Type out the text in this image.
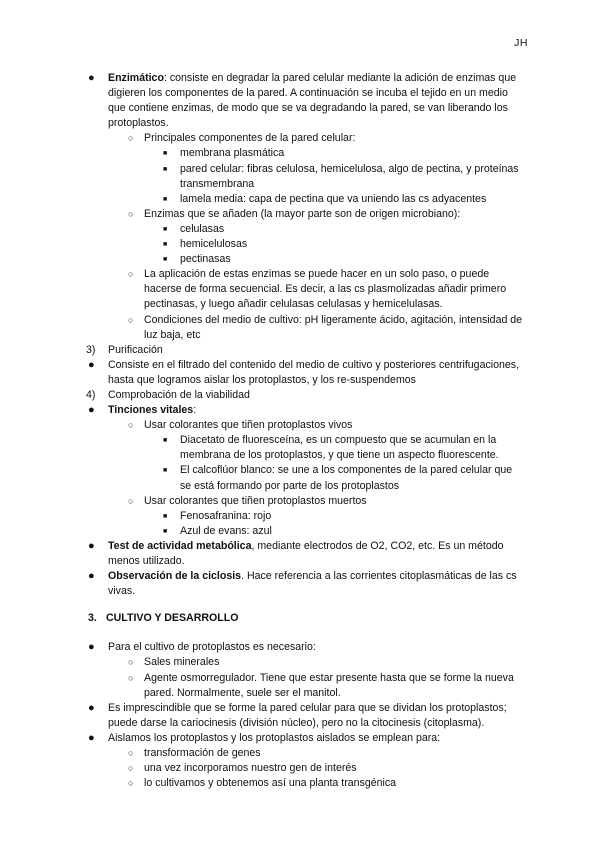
JH
● Enzimático: consiste en degradar la pared celular mediante la adición de enzimas que digieren los componentes de la pared. A continuación se incuba el tejido en un medio que contiene enzimas, de modo que se va degradando la pared, se van liberando los protoplastos.
○ Principales componentes de la pared celular:
■ membrana plasmática
■ pared celular: fibras celulosa, hemicelulosa, algo de pectina, y proteínas transmembrana
■ lamela media: capa de pectina que va uniendo las cs adyacentes
○ Enzimas que se añaden (la mayor parte son de origen microbiano):
■ celulasas
■ hemicelulosas
■ pectinasas
○ La aplicación de estas enzimas se puede hacer en un solo paso, o puede hacerse de forma secuencial. Es decir, a las cs plasmolizadas añadir primero pectinasas, y luego añadir celulasas celulasas y hemicelulasas.
○ Condiciones del medio de cultivo: pH ligeramente ácido, agitación, intensidad de luz baja, etc
3) Purificación
● Consiste en el filtrado del contenido del medio de cultivo y posteriores centrifugaciones, hasta que logramos aislar los protoplastos, y los re-suspendemos
4) Comprobación de la viabilidad
● Tinciones vitales:
○ Usar colorantes que tiñen protoplastos vivos
■ Diacetato de fluoresceína, es un compuesto que se acumulan en la membrana de los protoplastos, y que tiene un aspecto fluorescente.
■ El calcoflúor blanco: se une a los componentes de la pared celular que se está formando por parte de los protoplastos
○ Usar colorantes que tiñen protoplastos muertos
■ Fenosafranina: rojo
■ Azul de evans: azul
● Test de actividad metabólica, mediante electrodos de O2, CO2, etc. Es un método menos utilizado.
● Observación de la ciclosis. Hace referencia a las corrientes citoplasmáticas de las cs vivas.
3. CULTIVO Y DESARROLLO
● Para el cultivo de protoplastos es necesario:
○ Sales minerales
○ Agente osmorregulador. Tiene que estar presente hasta que se forme la nueva pared. Normalmente, suele ser el manitol.
● Es imprescindible que se forme la pared celular para que se dividan los protoplastos; puede darse la cariocinesis (división núcleo), pero no la citocinesis (citoplasma).
● Aislamos los protoplastos y los protoplastos aislados se emplean para:
○ transformación de genes
○ una vez incorporamos nuestro gen de interés
○ lo cultivamos y obtenemos así una planta transgénica
